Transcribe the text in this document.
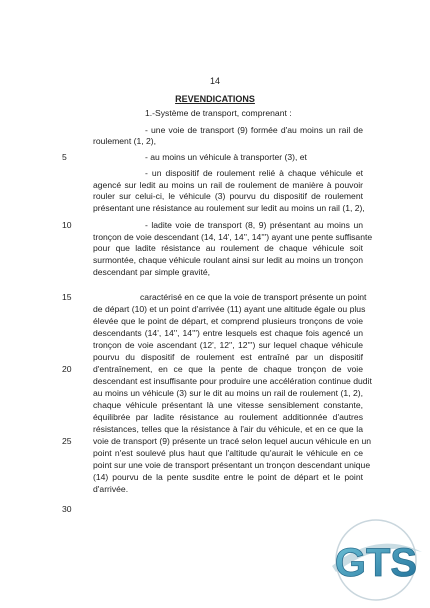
14
REVENDICATIONS
1.-Système de transport, comprenant :
- une voie de transport (9) formée d'au moins un rail de
roulement (1, 2),
- au moins un véhicule à transporter (3), et
- un dispositif de roulement relié à chaque véhicule et
agencé sur ledit au moins un rail de roulement de manière à pouvoir
rouler sur celui-ci, le véhicule (3) pourvu du dispositif de roulement
présentant une résistance au roulement sur ledit au moins un rail (1, 2),
- ladite voie de transport (8, 9) présentant au moins un
tronçon de voie descendant (14, 14', 14'', 14''') ayant une pente suffisante
pour que ladite résistance au roulement de chaque véhicule soit
surmontée, chaque véhicule roulant ainsi sur ledit au moins un tronçon
descendant par simple gravité,
caractérisé en ce que la voie de transport présente un point
de départ (10) et un point d'arrivée (11) ayant une altitude égale ou plus
élevée que le point de départ, et comprend plusieurs tronçons de voie
descendants (14', 14'', 14''') entre lesquels est chaque fois agencé un
tronçon de voie ascendant (12', 12'', 12''') sur lequel chaque véhicule
pourvu du dispositif de roulement est entraîné par un dispositif
d'entraînement, en ce que la pente de chaque tronçon de voie
descendant est insuffisante pour produire une accélération continue dudit
au moins un véhicule (3) sur le dit au moins un rail de roulement (1, 2),
chaque véhicule présentant là une vitesse sensiblement constante,
équilibrée par ladite résistance au roulement additionnée d'autres
résistances, telles que la résistance à l'air du véhicule, et en ce que la
voie de transport (9) présente un tracé selon lequel aucun véhicule en un
point n'est soulevé plus haut que l'altitude qu'aurait le véhicule en ce
point sur une voie de transport présentant un tronçon descendant unique
(14) pourvu de la pente susdite entre le point de départ et le point
d'arrivée.
5
10
15
20
25
30
GTS
